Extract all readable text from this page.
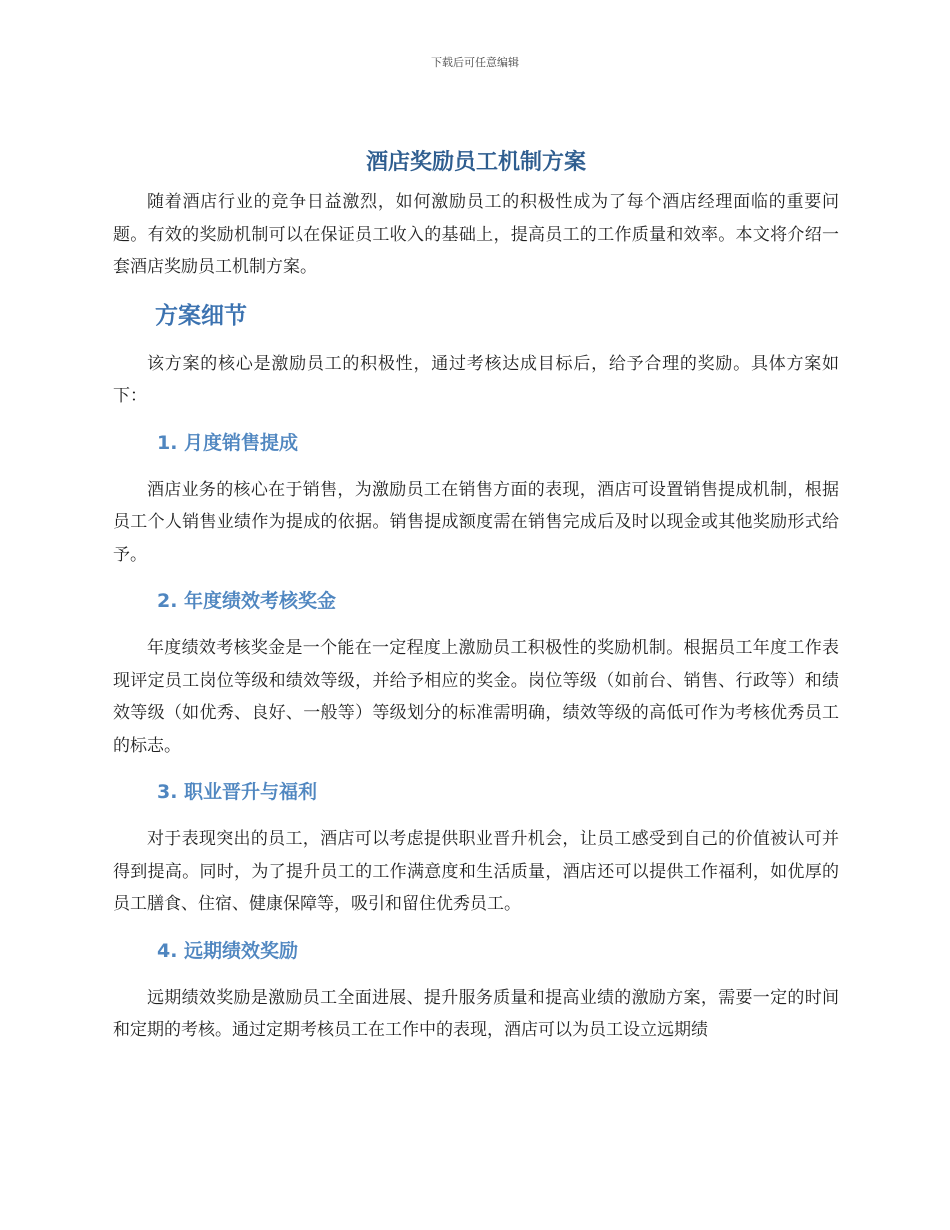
下载后可任意编辑
酒店奖励员工机制方案

随着酒店行业的竞争日益激烈，如何激励员工的积极性成为了每个酒店经理面临的重要问题。有效的奖励机制可以在保证员工收入的基础上，提高员工的工作质量和效率。本文将介绍一套酒店奖励员工机制方案。

方案细节

该方案的核心是激励员工的积极性，通过考核达成目标后，给予合理的奖励。具体方案如下：

1. 月度销售提成

酒店业务的核心在于销售，为激励员工在销售方面的表现，酒店可设置销售提成机制，根据员工个人销售业绩作为提成的依据。销售提成额度需在销售完成后及时以现金或其他奖励形式给予。

2. 年度绩效考核奖金

年度绩效考核奖金是一个能在一定程度上激励员工积极性的奖励机制。根据员工年度工作表现评定员工岗位等级和绩效等级，并给予相应的奖金。岗位等级（如前台、销售、行政等）和绩效等级（如优秀、良好、一般等）等级划分的标准需明确，绩效等级的高低可作为考核优秀员工的标志。

3. 职业晋升与福利

对于表现突出的员工，酒店可以考虑提供职业晋升机会，让员工感受到自己的价值被认可并得到提高。同时，为了提升员工的工作满意度和生活质量，酒店还可以提供工作福利，如优厚的员工膳食、住宿、健康保障等，吸引和留住优秀员工。

4. 远期绩效奖励

远期绩效奖励是激励员工全面进展、提升服务质量和提高业绩的激励方案，需要一定的时间和定期的考核。通过定期考核员工在工作中的表现，酒店可以为员工设立远期绩
